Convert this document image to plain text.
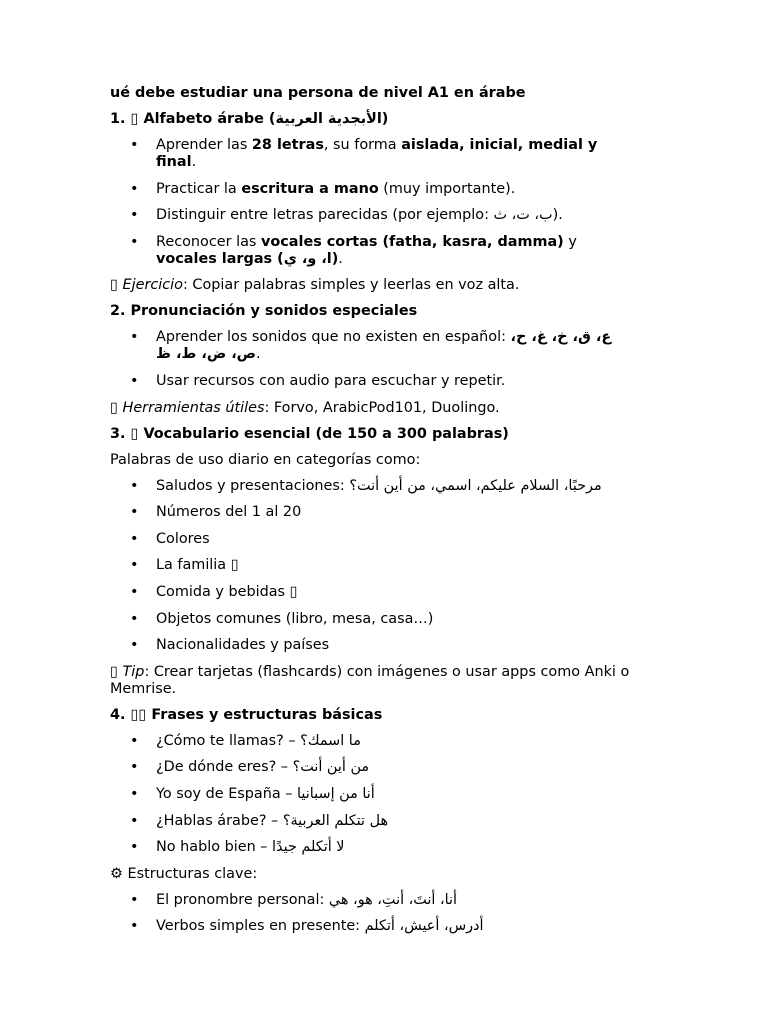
ué debe estudiar una persona de nivel A1 en árabe

1. ▯ Alfabeto árabe (الأبجدية العربية)

• Aprender las 28 letras, su forma aislada, inicial, medial y final.
• Practicar la escritura a mano (muy importante).
• Distinguir entre letras parecidas (por ejemplo: ب، ت، ث).
• Reconocer las vocales cortas (fatha, kasra, damma) y vocales largas (ا، و، ي).

▯ Ejercicio: Copiar palabras simples y leerlas en voz alta.

2. Pronunciación y sonidos especiales

• Aprender los sonidos que no existen en español: ع، ق، خ، غ، ح، ص، ض، ط، ظ.
• Usar recursos con audio para escuchar y repetir.

▯ Herramientas útiles: Forvo, ArabicPod101, Duolingo.

3. ▯ Vocabulario esencial (de 150 a 300 palabras)

Palabras de uso diario en categorías como:

• Saludos y presentaciones: مرحبًا، السلام عليكم، اسمي، من أين أنت؟
• Números del 1 al 20
• Colores
• La familia ▯
• Comida y bebidas ▯
• Objetos comunes (libro, mesa, casa…)
• Nacionalidades y países

▯ Tip: Crear tarjetas (flashcards) con imágenes o usar apps como Anki o Memrise.

4. ▯▯ Frases y estructuras básicas

• ¿Cómo te llamas? – ما اسمك؟
• ¿De dónde eres? – من أين أنت؟
• Yo soy de España – أنا من إسبانيا
• ¿Hablas árabe? – هل تتكلم العربية؟
• No hablo bien – لا أتكلم جيدًا

⚙ Estructuras clave:

• El pronombre personal: أنا، أنتَ، أنتِ، هو، هي
• Verbos simples en presente: أدرس، أعيش، أتكلم
